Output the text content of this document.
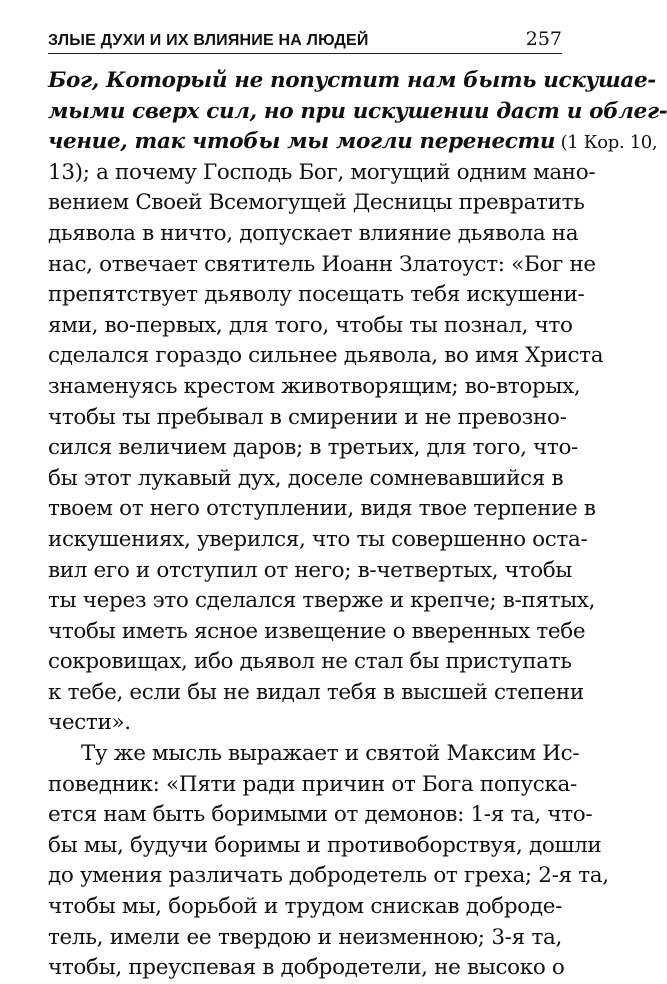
ЗЛЫЕ ДУХИ И ИХ ВЛИЯНИЕ НА ЛЮДЕЙ	257
Бог, Который не попустит нам быть искушае-
мыми сверх сил, но при искушении даст и облег-
чение, так чтобы мы могли перенести (1 Кор. 10,
13); а почему Господь Бог, могущий одним мано-
вением Своей Всемогущей Десницы превратить
дьявола в ничто, допускает влияние дьявола на
нас, отвечает святитель Иоанн Златоуст: «Бог не
препятствует дьяволу посещать тебя искушени-
ями, во-первых, для того, чтобы ты познал, что
сделался гораздо сильнее дьявола, во имя Христа
знаменуясь крестом животворящим; во-вторых,
чтобы ты пребывал в смирении и не превозно-
сился величием даров; в третьих, для того, что-
бы этот лукавый дух, доселе сомневавшийся в
твоем от него отступлении, видя твое терпение в
искушениях, уверился, что ты совершенно оста-
вил его и отступил от него; в-четвертых, чтобы
ты через это сделался тверже и крепче; в-пятых,
чтобы иметь ясное извещение о вверенных тебе
сокровищах, ибо дьявол не стал бы приступать
к тебе, если бы не видал тебя в высшей степени
чести».
Ту же мысль выражает и святой Максим Ис-
поведник: «Пяти ради причин от Бога попуска-
ется нам быть боримыми от демонов: 1-я та, что-
бы мы, будучи боримы и противоборствуя, дошли
до умения различать добродетель от греха; 2-я та,
чтобы мы, борьбой и трудом снискав доброде-
тель, имели ее твердою и неизменною; 3-я та,
чтобы, преуспевая в добродетели, не высоко о
